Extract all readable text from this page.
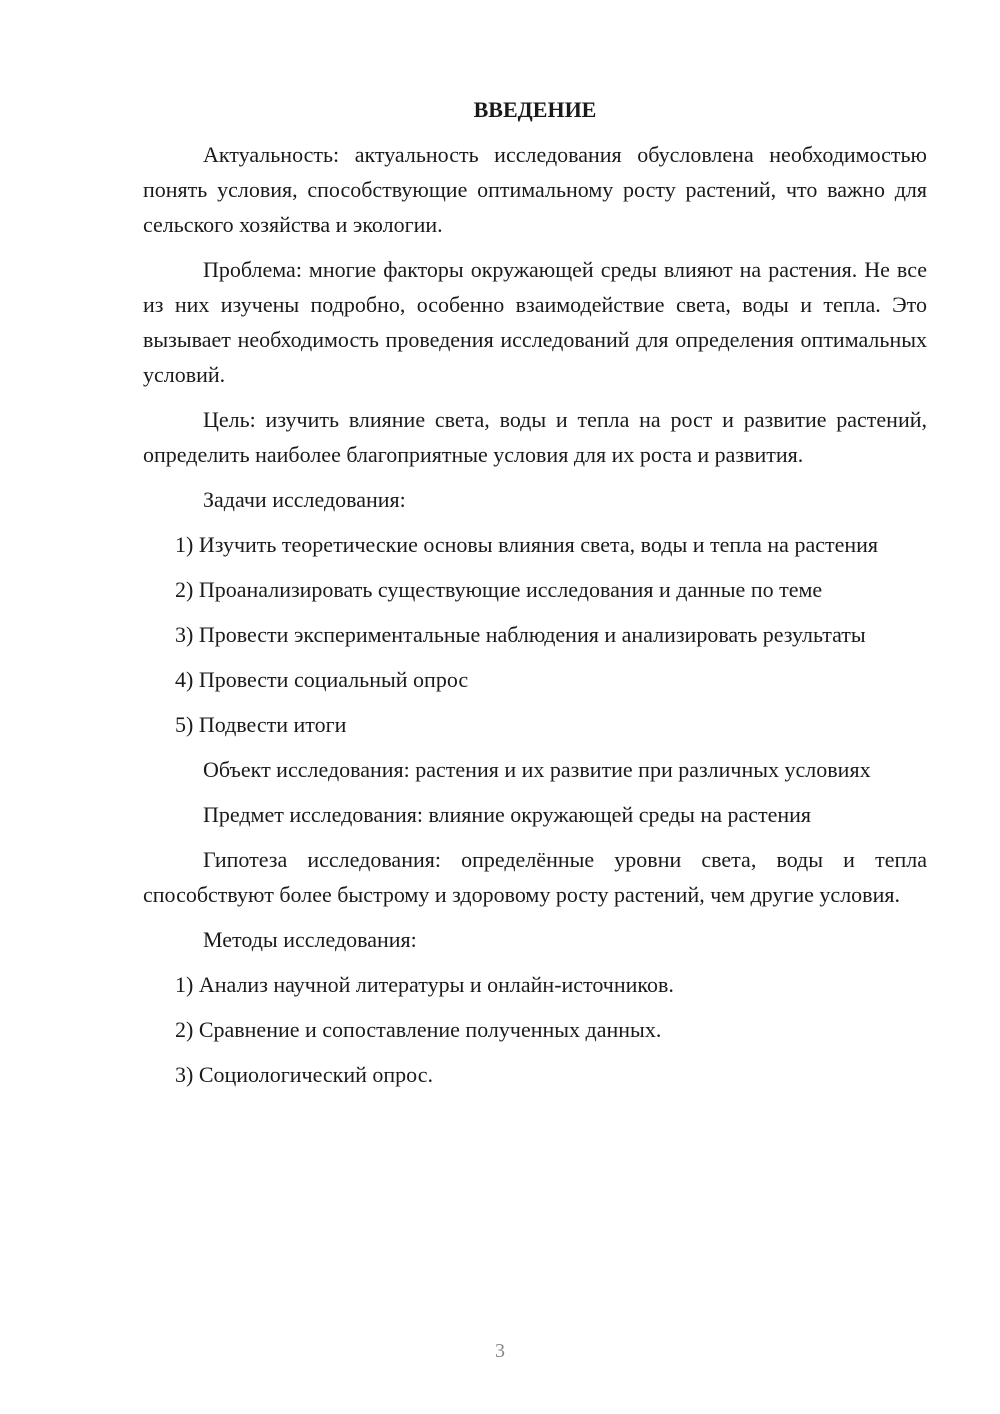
ВВЕДЕНИЕ

Актуальность: актуальность исследования обусловлена необходимостью понять условия, способствующие оптимальному росту растений, что важно для сельского хозяйства и экологии.

Проблема: многие факторы окружающей среды влияют на растения. Не все из них изучены подробно, особенно взаимодействие света, воды и тепла. Это вызывает необходимость проведения исследований для определения оптимальных условий.

Цель: изучить влияние света, воды и тепла на рост и развитие растений, определить наиболее благоприятные условия для их роста и развития.

Задачи исследования:

1) Изучить теоретические основы влияния света, воды и тепла на растения

2) Проанализировать существующие исследования и данные по теме

3) Провести экспериментальные наблюдения и анализировать результаты

4) Провести социальный опрос

5) Подвести итоги

Объект исследования: растения и их развитие при различных условиях

Предмет исследования: влияние окружающей среды на растения

Гипотеза исследования: определённые уровни света, воды и тепла способствуют более быстрому и здоровому росту растений, чем другие условия.

Методы исследования:

1) Анализ научной литературы и онлайн-источников.

2) Сравнение и сопоставление полученных данных.

3) Социологический опрос.

3
